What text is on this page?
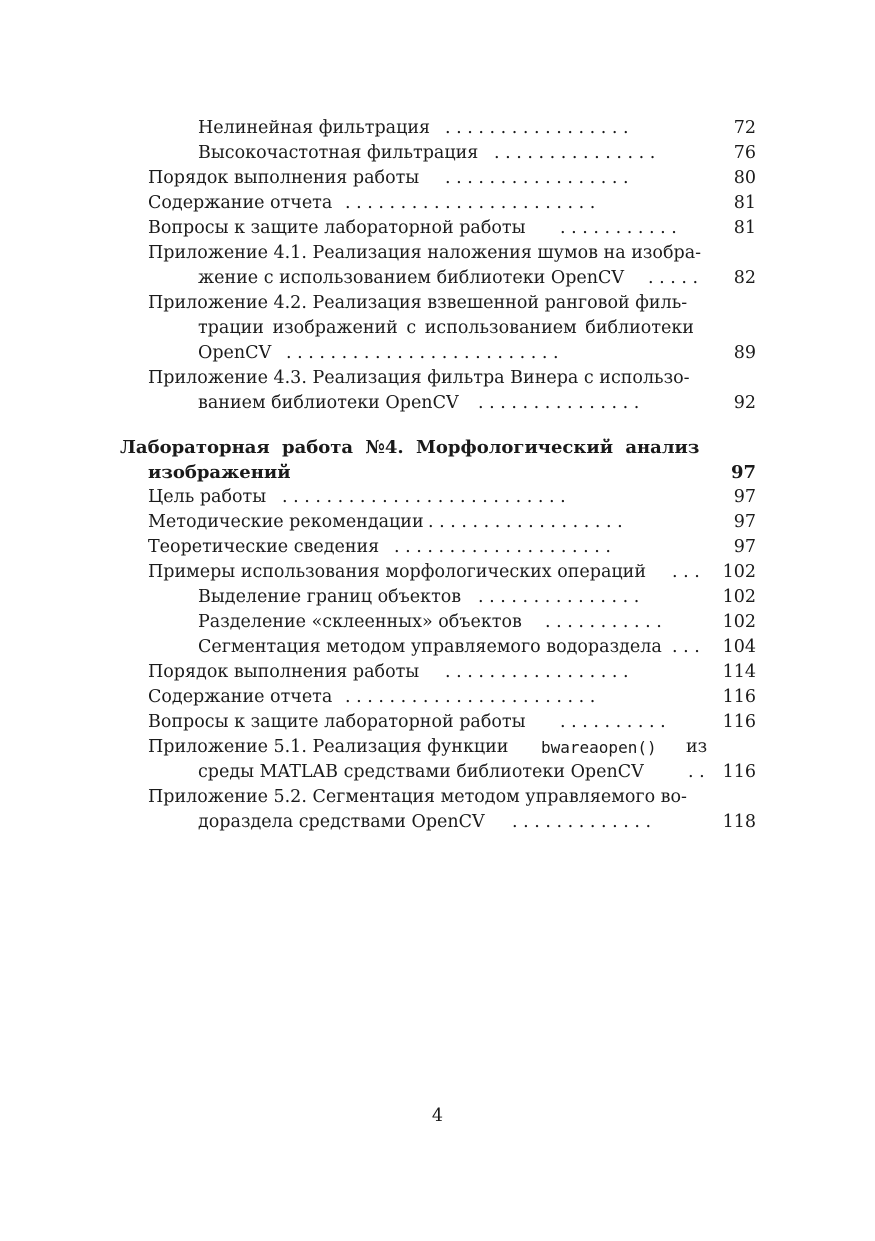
Нелинейная фильтрация . . . . . . . . . . . . . . . . .	72
Высокочастотная фильтрация . . . . . . . . . . . . . . .	76
Порядок выполнения работы . . . . . . . . . . . . . . . . .	80
Содержание отчета . . . . . . . . . . . . . . . . . . . . . . .	81
Вопросы к защите лабораторной работы . . . . . . . . . . .	81
Приложение 4.1. Реализация наложения шумов на изобра-
жение с использованием библиотеки OpenCV . . . . .	82
Приложение 4.2. Реализация взвешенной ранговой филь-
трации изображений с использованием библиотеки
OpenCV . . . . . . . . . . . . . . . . . . . . . . . . .	89
Приложение 4.3. Реализация фильтра Винера с использо-
ванием библиотеки OpenCV . . . . . . . . . . . . . . .	92
Лабораторная работа №4. Морфологический анализ
изображений	97
Цель работы . . . . . . . . . . . . . . . . . . . . . . . . . .	97
Методические рекомендации . . . . . . . . . . . . . . . . . .	97
Теоретические сведения . . . . . . . . . . . . . . . . . . . .	97
Примеры использования морфологических операций . . .	102
Выделение границ объектов . . . . . . . . . . . . . . .	102
Разделение «склеенных» объектов . . . . . . . . . . .	102
Сегментация методом управляемого водораздела . . .	104
Порядок выполнения работы . . . . . . . . . . . . . . . . .	114
Содержание отчета . . . . . . . . . . . . . . . . . . . . . . .	116
Вопросы к защите лабораторной работы . . . . . . . . . .	116
Приложение 5.1. Реализация функции bwareaopen() из
среды MATLAB средствами библиотеки OpenCV	. . 116
Приложение 5.2. Сегментация методом управляемого во-
дораздела средствами OpenCV . . . . . . . . . . . . .	118
4
